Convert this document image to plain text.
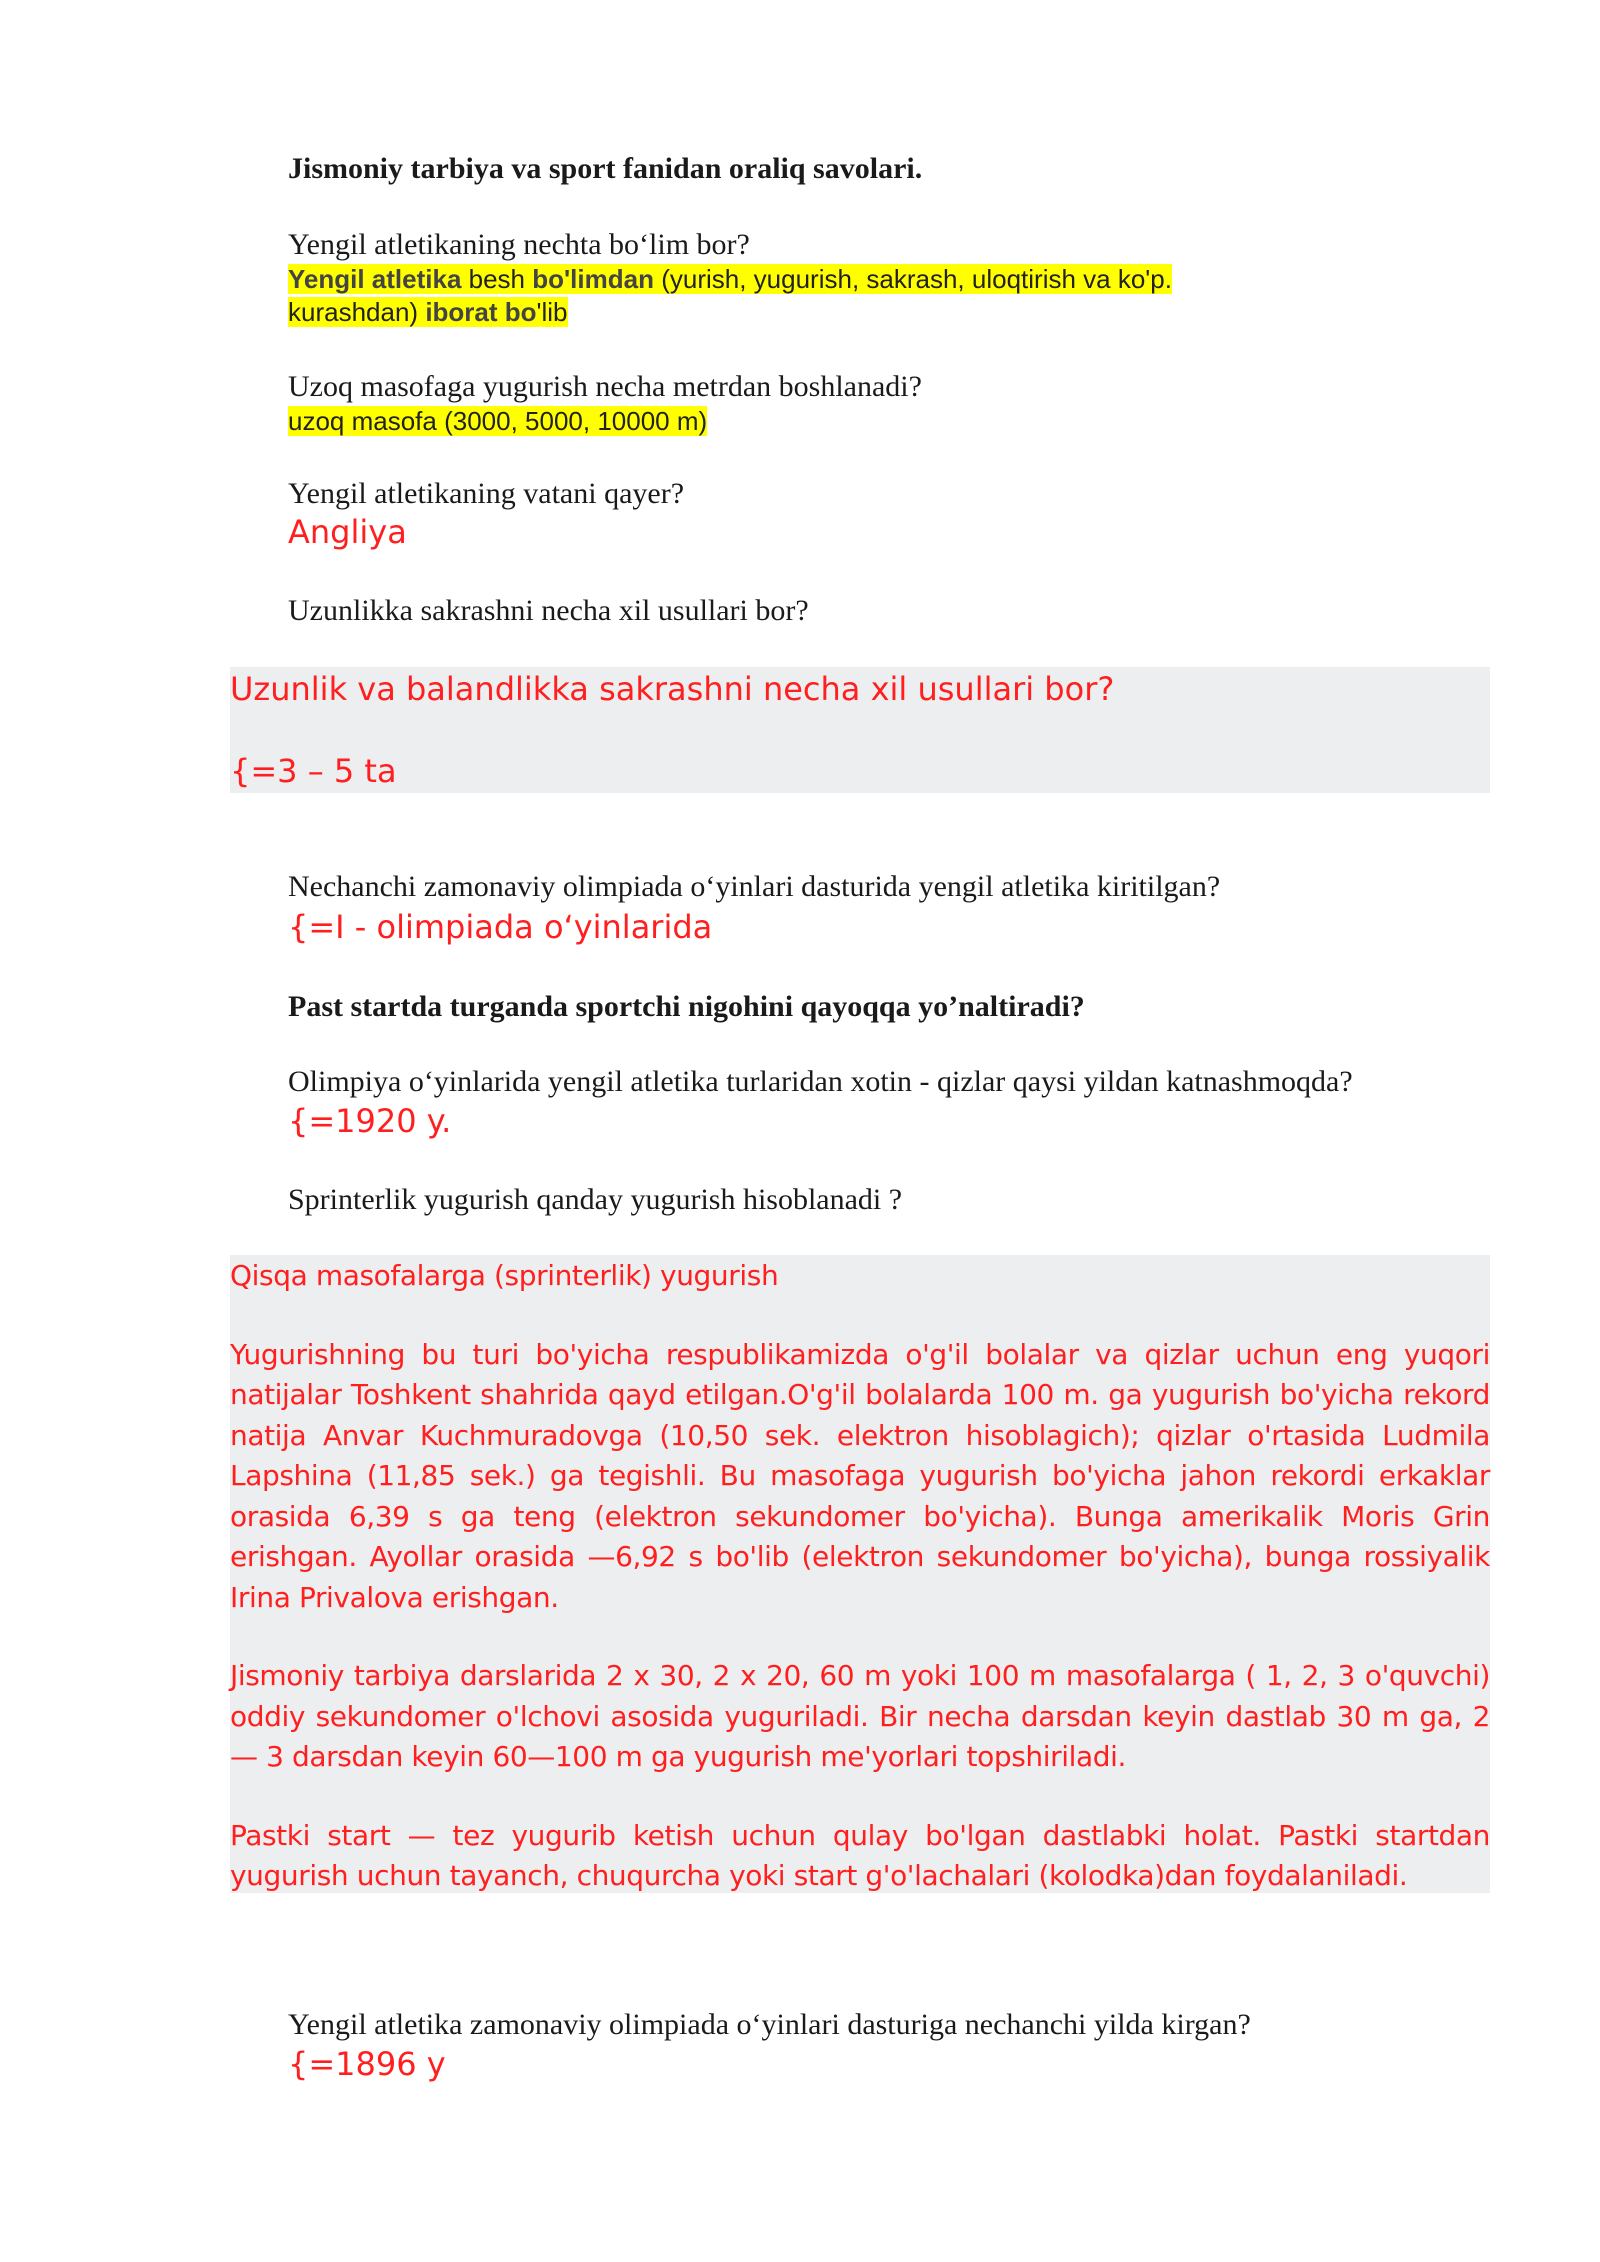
Jismoniy tarbiya va sport fanidan oraliq savolari.
Yengil atletikaning nechta bo‘lim bor?
Yengil atletika besh bo'limdan (yurish, yugurish, sakrash, uloqtirish va ko'p.
kurashdan) iborat bo'lib
Uzoq masofaga yugurish necha metrdan boshlanadi?
uzoq masofa (3000, 5000, 10000 m)
Yengil atletikaning vatani qayer?
Angliya
Uzunlikka sakrashni necha xil usullari bor?
Uzunlik va balandlikka sakrashni necha xil usullari bor?
{=3 – 5 ta
Nechanchi zamonaviy olimpiada o‘yinlari dasturida yengil atletika kiritilgan?
{=I - olimpiada o‘yinlarida
Past startda turganda sportchi nigohini qayoqqa yo’naltiradi?
Olimpiya o‘yinlarida yengil atletika turlaridan xotin - qizlar qaysi yildan katnashmoqda?
{=1920 y.
Sprinterlik yugurish qanday yugurish hisoblanadi ?

Qisqa masofalarga (sprinterlik) yugurish

Yugurishning bu turi bo'yicha respublikamizda o'g'il bolalar va qizlar uchun eng yuqori natijalar Toshkent shahrida qayd etilgan.O'g'il bolalarda 100 m. ga yugurish bo'yicha rekord natija Anvar Kuchmuradovga (10,50 sek. elektron hisoblagich); qizlar o'rtasida Ludmila Lapshina (11,85 sek.) ga tegishli. Bu masofaga yugurish bo'yicha jahon rekordi erkaklar orasida 6,39 s ga teng (elektron sekundomer bo'yicha). Bunga amerikalik Moris Grin erishgan. Ayollar orasida —6,92 s bo'lib (elektron sekundomer bo'yicha), bunga rossiyalik Irina Privalova erishgan.

Jismoniy tarbiya darslarida 2 x 30, 2 x 20, 60 m yoki 100 m masofalarga ( 1, 2, 3 o'quvchi) oddiy sekundomer o'lchovi asosida yuguriladi. Bir necha darsdan keyin dastlab 30 m ga, 2 — 3 darsdan keyin 60—100 m ga yugurish me'yorlari topshiriladi.

Pastki start — tez yugurib ketish uchun qulay bo'lgan dastlabki holat. Pastki startdan yugurish uchun tayanch, chuqurcha yoki start g'o'lachalari (kolodka)dan foydalaniladi.

Yengil atletika zamonaviy olimpiada o‘yinlari dasturiga nechanchi yilda kirgan?
{=1896 y
